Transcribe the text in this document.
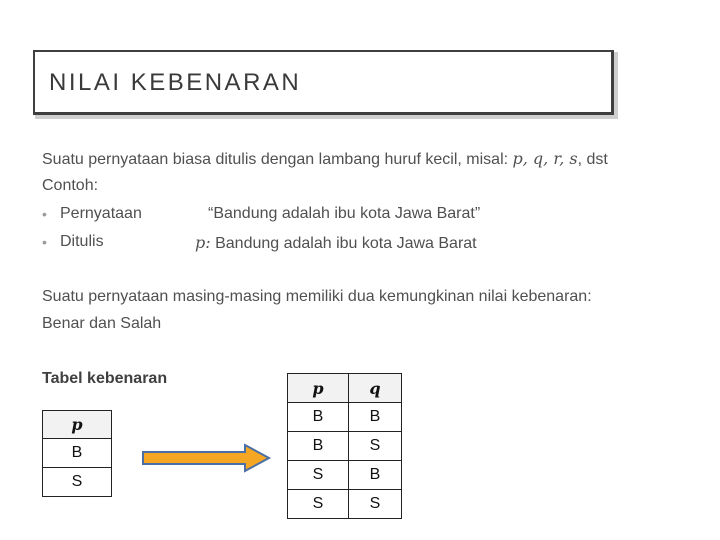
NILAI KEBENARAN
Suatu pernyataan biasa ditulis dengan lambang huruf kecil, misal: p, q, r, s, dst
Contoh:
• Pernyataan	“Bandung adalah ibu kota Jawa Barat”
• Ditulis	p: Bandung adalah ibu kota Jawa Barat
Suatu pernyataan masing-masing memiliki dua kemungkinan nilai kebenaran:
Benar dan Salah
Tabel kebenaran
p
B
S
p	q
B	B
B	S
S	B
S	S
